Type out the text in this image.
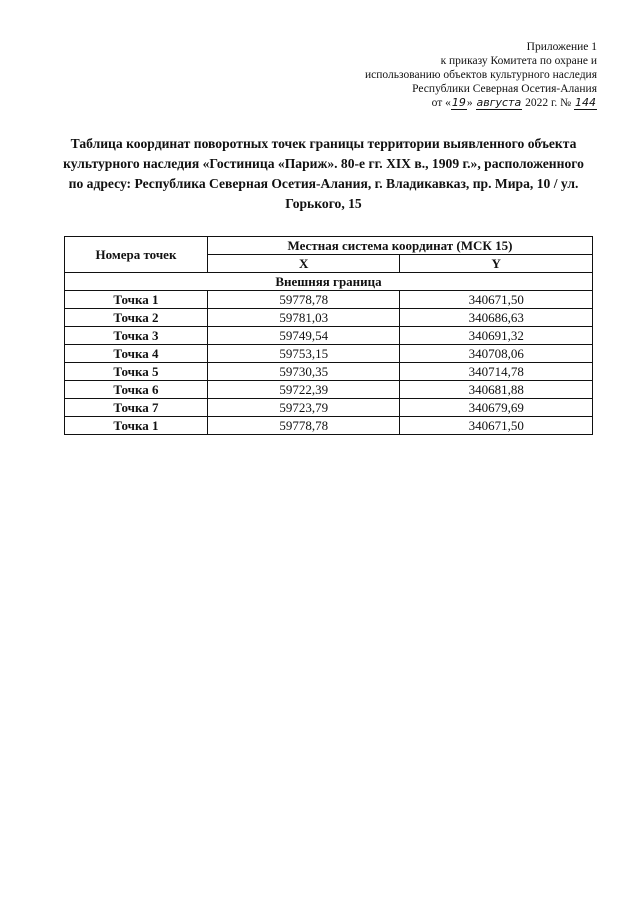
Приложение 1
к приказу Комитета по охране и
использованию объектов культурного наследия
Республики Северная Осетия-Алания
от «19» августа 2022 г. № 144
Таблица координат поворотных точек границы территории выявленного объекта культурного наследия «Гостиница «Париж». 80-е гг. XIX в., 1909 г.», расположенного по адресу: Республика Северная Осетия-Алания, г. Владикавказ, пр. Мира, 10 / ул. Горького, 15
Номера точек	Местная система координат (МСК 15)	
	X	Y
Внешняя граница		
Точка 1	59778,78	340671,50
Точка 2	59781,03	340686,63
Точка 3	59749,54	340691,32
Точка 4	59753,15	340708,06
Точка 5	59730,35	340714,78
Точка 6	59722,39	340681,88
Точка 7	59723,79	340679,69
Точка 1	59778,78	340671,50
